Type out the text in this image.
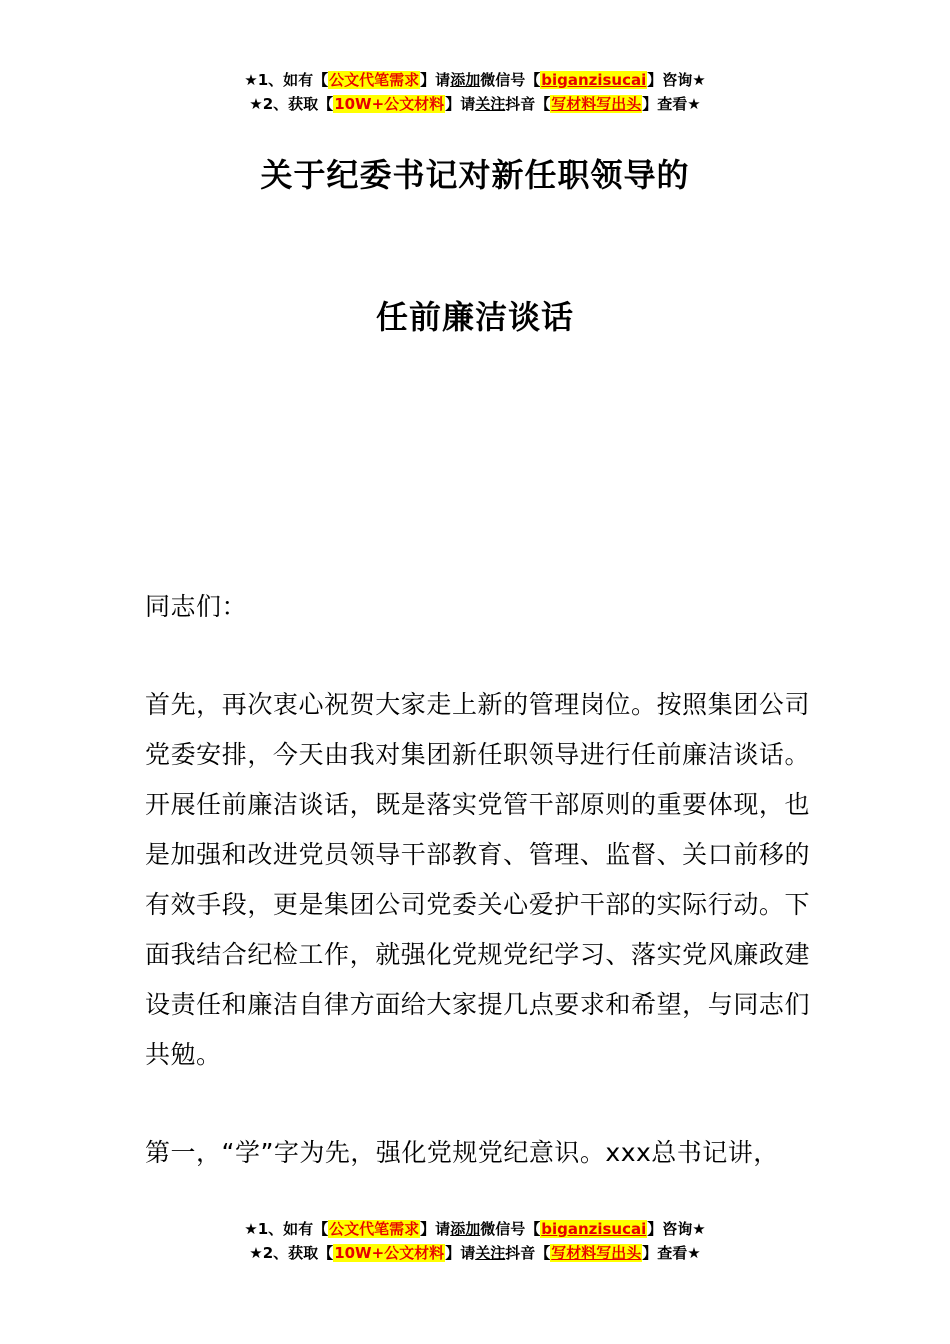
★1、如有【公文代笔需求】请添加微信号【biganzisucai】咨询★
★2、获取【10W+公文材料】请关注抖音【写材料写出头】查看★
关于纪委书记对新任职领导的
任前廉洁谈话

同志们：

首先，再次衷心祝贺大家走上新的管理岗位。按照集团公司党委安排，今天由我对集团新任职领导进行任前廉洁谈话。开展任前廉洁谈话，既是落实党管干部原则的重要体现，也是加强和改进党员领导干部教育、管理、监督、关口前移的有效手段，更是集团公司党委关心爱护干部的实际行动。下面我结合纪检工作，就强化党规党纪学习、落实党风廉政建设责任和廉洁自律方面给大家提几点要求和希望，与同志们共勉。

第一，“学”字为先，强化党规党纪意识。xxx总书记讲，

★1、如有【公文代笔需求】请添加微信号【biganzisucai】咨询★
★2、获取【10W+公文材料】请关注抖音【写材料写出头】查看★
